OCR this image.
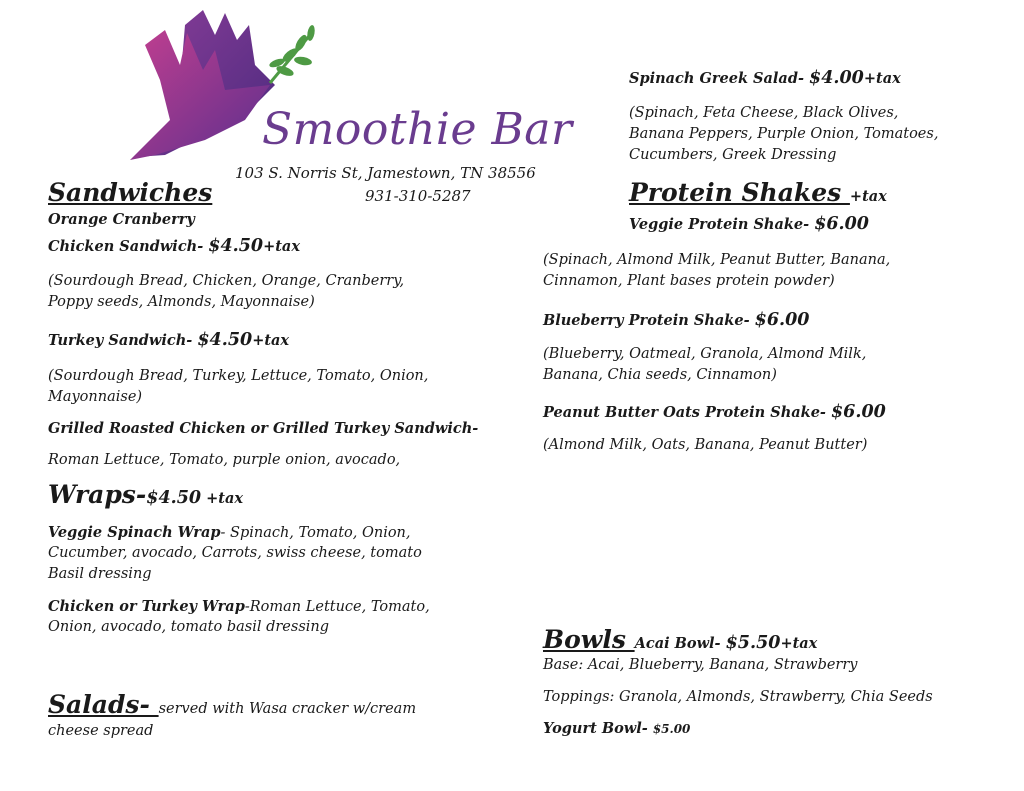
Smoothie Bar
103 S. Norris St, Jamestown, TN 38556
931-310-5287
Sandwiches
Orange Cranberry
Chicken Sandwich- $4.50+tax
(Sourdough Bread, Chicken, Orange, Cranberry,
Poppy seeds, Almonds, Mayonnaise)
Turkey Sandwich- $4.50+tax
(Sourdough Bread, Turkey, Lettuce, Tomato, Onion,
Mayonnaise)
Grilled Roasted Chicken or Grilled Turkey Sandwich-
Roman Lettuce, Tomato, purple onion, avocado,
Wraps-$4.50 +tax
Veggie Spinach Wrap- Spinach, Tomato, Onion,
Cucumber, avocado, Carrots, swiss cheese, tomato
Basil dressing
Chicken or Turkey Wrap-Roman Lettuce, Tomato,
Onion, avocado, tomato basil dressing
Salads- served with Wasa cracker w/cream
cheese spread
Spinach Greek Salad- $4.00+tax
(Spinach, Feta Cheese, Black Olives,
Banana Peppers, Purple Onion, Tomatoes,
Cucumbers, Greek Dressing
Protein Shakes +tax
Veggie Protein Shake- $6.00
(Spinach, Almond Milk, Peanut Butter, Banana,
Cinnamon, Plant bases protein powder)
Blueberry Protein Shake- $6.00
(Blueberry, Oatmeal, Granola, Almond Milk,
Banana, Chia seeds, Cinnamon)
Peanut Butter Oats Protein Shake- $6.00
(Almond Milk, Oats, Banana, Peanut Butter)
Bowls Acai Bowl- $5.50+tax
Base: Acai, Blueberry, Banana, Strawberry
Toppings: Granola, Almonds, Strawberry, Chia Seeds
Yogurt Bowl- $5.00
